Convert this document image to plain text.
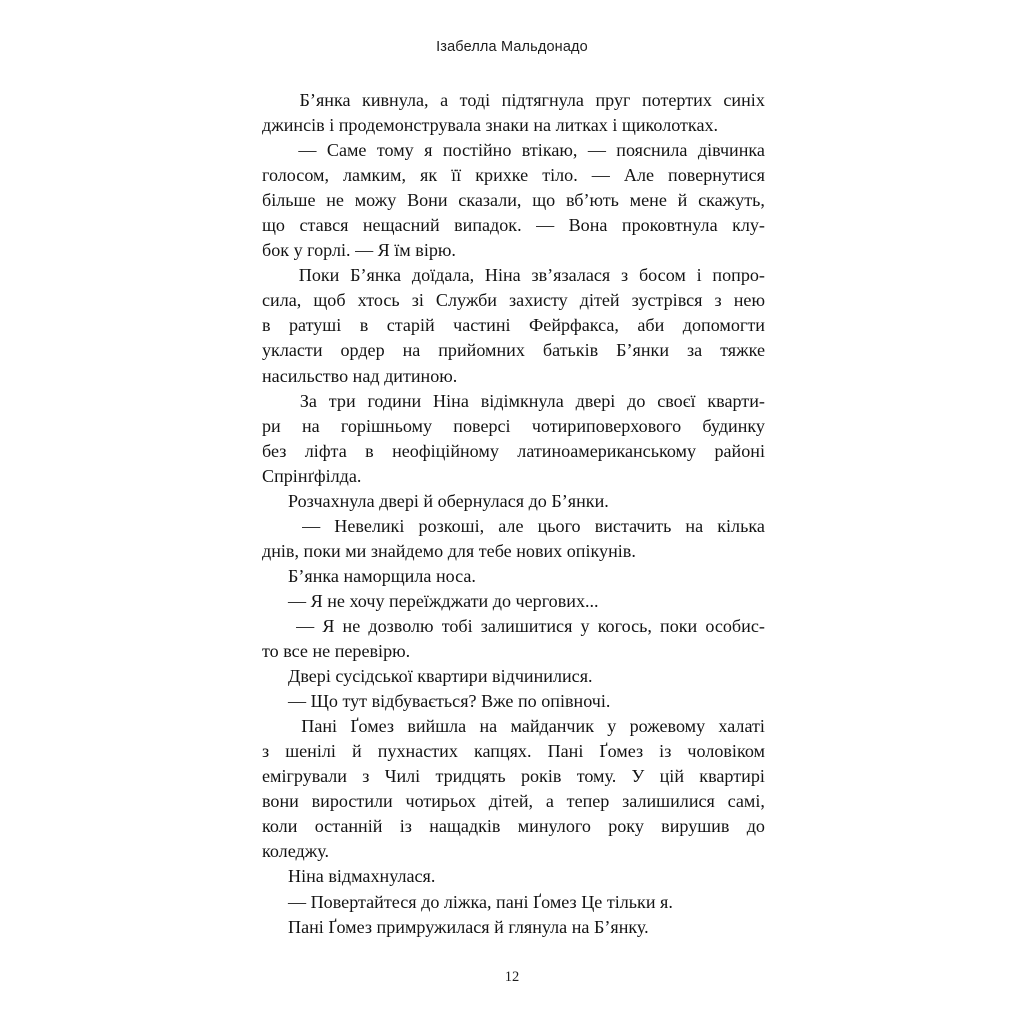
Ізабелла Мальдонадо

Б’янка кивнула, а тоді підтягнула пруг потертих синіх
джинсів і продемонструвала знаки на литках і щиколотках.

— Саме тому я постійно втікаю, — пояснила дівчинка
голосом, ламким, як її крихке тіло. — Але повернутися
більше не можу Вони сказали, що вб’ють мене й скажуть,
що стався нещасний випадок. — Вона проковтнула клу-
бок у горлі. — Я їм вірю.

Поки Б’янка доїдала, Ніна зв’язалася з босом і попро-
сила, щоб хтось зі Служби захисту дітей зустрівся з нею
в ратуші в старій частині Фейрфакса, аби допомогти
укласти ордер на прийомних батьків Б’янки за тяжке
насильство над дитиною.

За три години Ніна відімкнула двері до своєї кварти-
ри на горішньому поверсі чотириповерхового будинку
без ліфта в неофіційному латиноамериканському районі
Спрінґфілда.

Розчахнула двері й обернулася до Б’янки.

— Невеликі розкоші, але цього вистачить на кілька
днів, поки ми знайдемо для тебе нових опікунів.

Б’янка наморщила носа.

— Я не хочу переїжджати до чергових...

— Я не дозволю тобі залишитися у когось, поки особис-
то все не перевірю.

Двері сусідської квартири відчинилися.

— Що тут відбувається? Вже по опівночі.

Пані Ґомез вийшла на майданчик у рожевому халаті
з шенілі й пухнастих капцях. Пані Ґомез із чоловіком
емігрували з Чилі тридцять років тому. У цій квартирі
вони виростили чотирьох дітей, а тепер залишилися самі,
коли останній із нащадків минулого року вирушив до
коледжу.

Ніна відмахнулася.

— Повертайтеся до ліжка, пані Ґомез Це тільки я.

Пані Ґомез примружилася й глянула на Б’янку.

12
